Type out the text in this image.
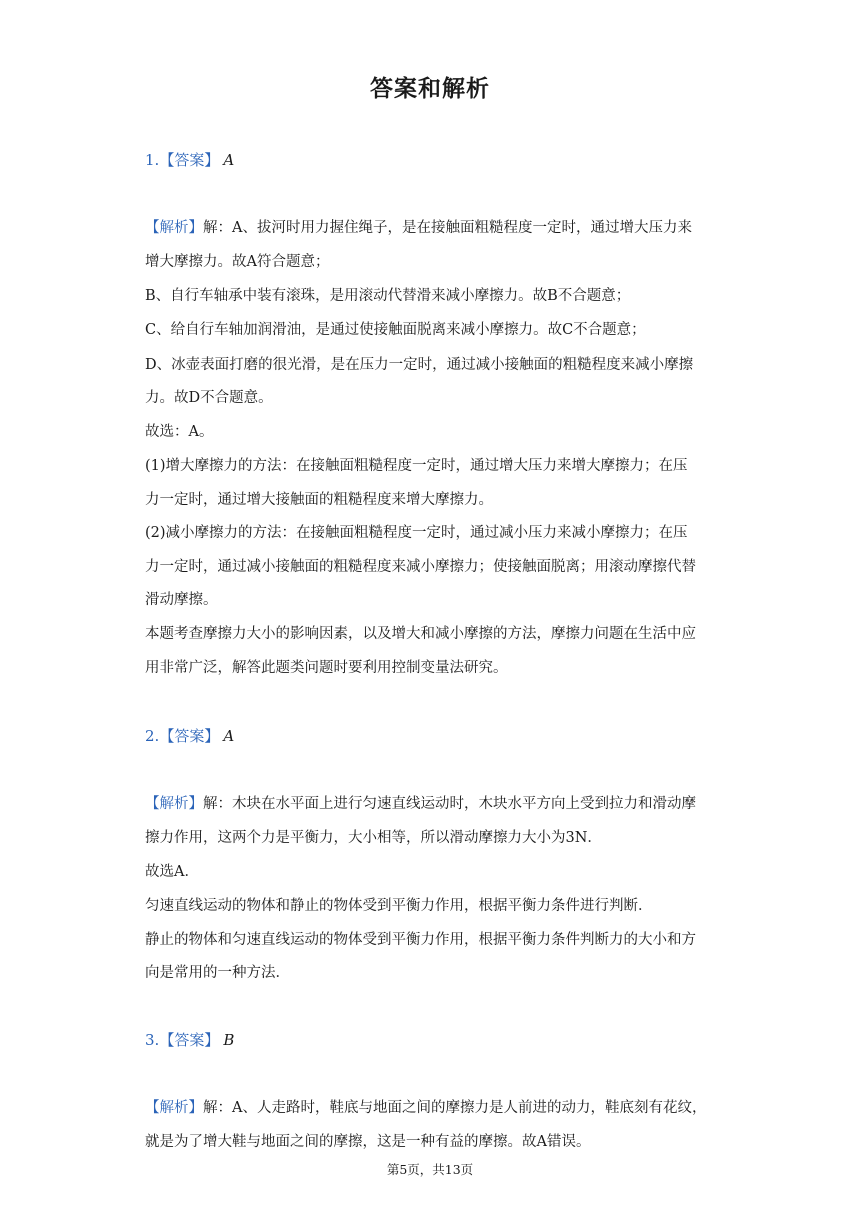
答案和解析
1.【答案】 A
【解析】解：A、拔河时用力握住绳子，是在接触面粗糙程度一定时，通过增大压力来
增大摩擦力。故A符合题意；
B、自行车轴承中装有滚珠，是用滚动代替滑来减小摩擦力。故B不合题意；
C、给自行车轴加润滑油，是通过使接触面脱离来减小摩擦力。故C不合题意；
D、冰壶表面打磨的很光滑，是在压力一定时，通过减小接触面的粗糙程度来减小摩擦
力。故D不合题意。
故选：A。
(1)增大摩擦力的方法：在接触面粗糙程度一定时，通过增大压力来增大摩擦力；在压
力一定时，通过增大接触面的粗糙程度来增大摩擦力。
(2)减小摩擦力的方法：在接触面粗糙程度一定时，通过减小压力来减小摩擦力；在压
力一定时，通过减小接触面的粗糙程度来减小摩擦力；使接触面脱离；用滚动摩擦代替
滑动摩擦。
本题考查摩擦力大小的影响因素，以及增大和减小摩擦的方法，摩擦力问题在生活中应
用非常广泛，解答此题类问题时要利用控制变量法研究。
2.【答案】 A
【解析】解：木块在水平面上进行匀速直线运动时，木块水平方向上受到拉力和滑动摩
擦力作用，这两个力是平衡力，大小相等，所以滑动摩擦力大小为3N．
故选A．
匀速直线运动的物体和静止的物体受到平衡力作用，根据平衡力条件进行判断．
静止的物体和匀速直线运动的物体受到平衡力作用，根据平衡力条件判断力的大小和方
向是常用的一种方法．
3.【答案】 B
【解析】解：A、人走路时，鞋底与地面之间的摩擦力是人前进的动力，鞋底刻有花纹，
就是为了增大鞋与地面之间的摩擦，这是一种有益的摩擦。故A错误。
第5页，共13页
